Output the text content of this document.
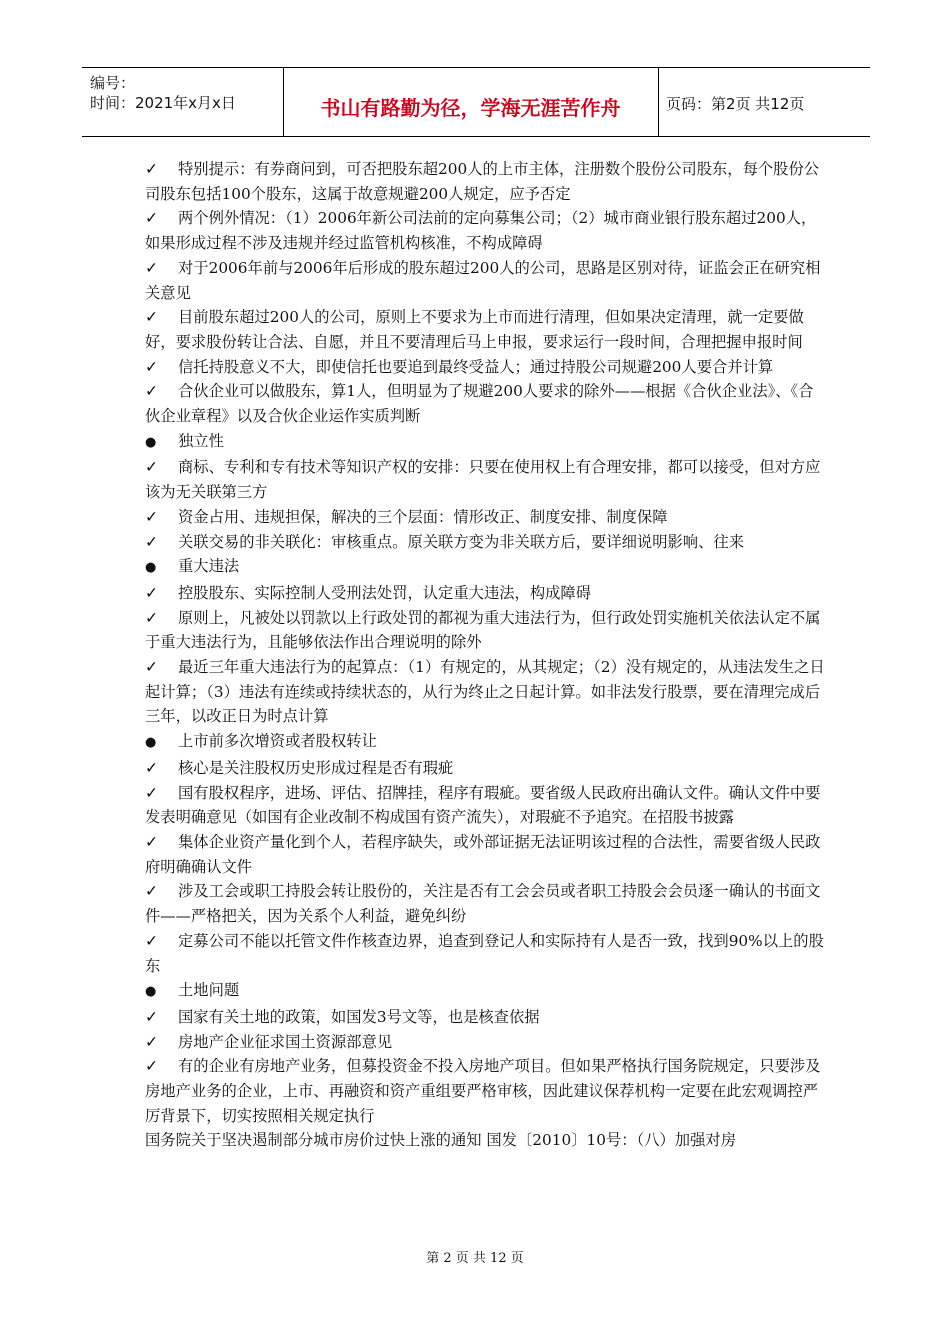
编号：
时间：2021年x月x日	书山有路勤为径，学海无涯苦作舟	页码：第2页 共12页

✓ 特别提示：有券商问到，可否把股东超200人的上市主体，注册数个股份公司股东，每个股份公司股东包括100个股东，这属于故意规避200人规定，应予否定

✓ 两个例外情况：（1）2006年新公司法前的定向募集公司；（2）城市商业银行股东超过200人，如果形成过程不涉及违规并经过监管机构核准，不构成障碍

✓ 对于2006年前与2006年后形成的股东超过200人的公司，思路是区别对待，证监会正在研究相关意见

✓ 目前股东超过200人的公司，原则上不要求为上市而进行清理，但如果决定清理，就一定要做好，要求股份转让合法、自愿，并且不要清理后马上申报，要求运行一段时间，合理把握申报时间

✓ 信托持股意义不大，即使信托也要追到最终受益人；通过持股公司规避200人要合并计算

✓ 合伙企业可以做股东，算1人，但明显为了规避200人要求的除外——根据《合伙企业法》、《合伙企业章程》以及合伙企业运作实质判断

● 独立性

✓ 商标、专利和专有技术等知识产权的安排：只要在使用权上有合理安排，都可以接受，但对方应该为无关联第三方

✓ 资金占用、违规担保，解决的三个层面：情形改正、制度安排、制度保障

✓ 关联交易的非关联化：审核重点。原关联方变为非关联方后，要详细说明影响、往来

● 重大违法

✓ 控股股东、实际控制人受刑法处罚，认定重大违法，构成障碍

✓ 原则上，凡被处以罚款以上行政处罚的都视为重大违法行为，但行政处罚实施机关依法认定不属于重大违法行为，且能够依法作出合理说明的除外

✓ 最近三年重大违法行为的起算点：（1）有规定的，从其规定；（2）没有规定的，从违法发生之日起计算；（3）违法有连续或持续状态的，从行为终止之日起计算。如非法发行股票，要在清理完成后三年，以改正日为时点计算

● 上市前多次增资或者股权转让

✓ 核心是关注股权历史形成过程是否有瑕疵

✓ 国有股权程序，进场、评估、招牌挂，程序有瑕疵。要省级人民政府出确认文件。确认文件中要发表明确意见（如国有企业改制不构成国有资产流失），对瑕疵不予追究。在招股书披露

✓ 集体企业资产量化到个人，若程序缺失，或外部证据无法证明该过程的合法性，需要省级人民政府明确确认文件

✓ 涉及工会或职工持股会转让股份的，关注是否有工会会员或者职工持股会会员逐一确认的书面文件——严格把关，因为关系个人利益，避免纠纷

✓ 定募公司不能以托管文件作核查边界，追查到登记人和实际持有人是否一致，找到90%以上的股东

● 土地问题

✓ 国家有关土地的政策，如国发3号文等，也是核查依据

✓ 房地产企业征求国土资源部意见

✓ 有的企业有房地产业务，但募投资金不投入房地产项目。但如果严格执行国务院规定，只要涉及房地产业务的企业，上市、再融资和资产重组要严格审核，因此建议保荐机构一定要在此宏观调控严厉背景下，切实按照相关规定执行

国务院关于坚决遏制部分城市房价过快上涨的通知 国发〔2010〕10号：（八）加强对房

第 2 页 共 12 页
